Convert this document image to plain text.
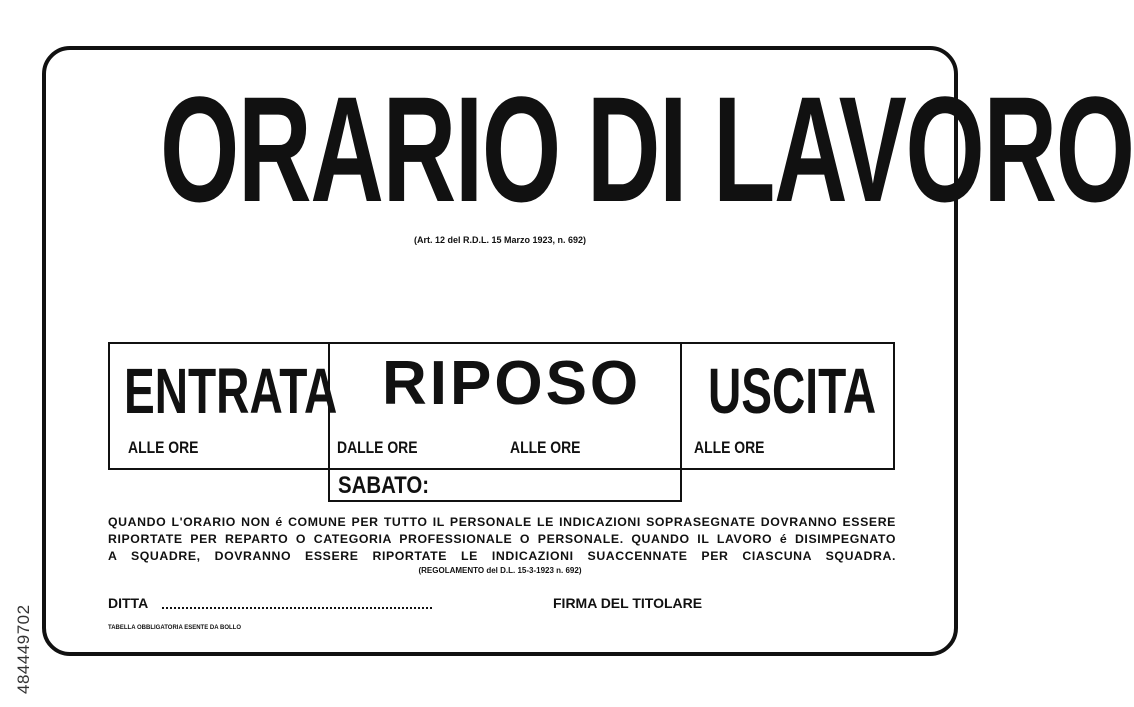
ORARIO DI LAVORO
(Art. 12 del R.D.L. 15 Marzo 1923, n. 692)
ENTRATA
ALLE ORE
RIPOSO
DALLE ORE	ALLE ORE
USCITA
ALLE ORE
SABATO:

QUANDO L'ORARIO NON é COMUNE PER TUTTO IL PERSONALE LE INDICAZIONI SOPRASEGNATE DOVRANNO ESSERE

RIPORTATE PER REPARTO O CATEGORIA PROFESSIONALE O PERSONALE. QUANDO IL LAVORO é DISIMPEGNATO

A SQUADRE, DOVRANNO ESSERE RIPORTATE LE INDICAZIONI SUACCENNATE PER CIASCUNA SQUADRA.

(REGOLAMENTO del D.L. 15-3-1923 n. 692)
DITTA	FIRMA DEL TITOLARE
TABELLA OBBLIGATORIA ESENTE DA BOLLO
484449702
